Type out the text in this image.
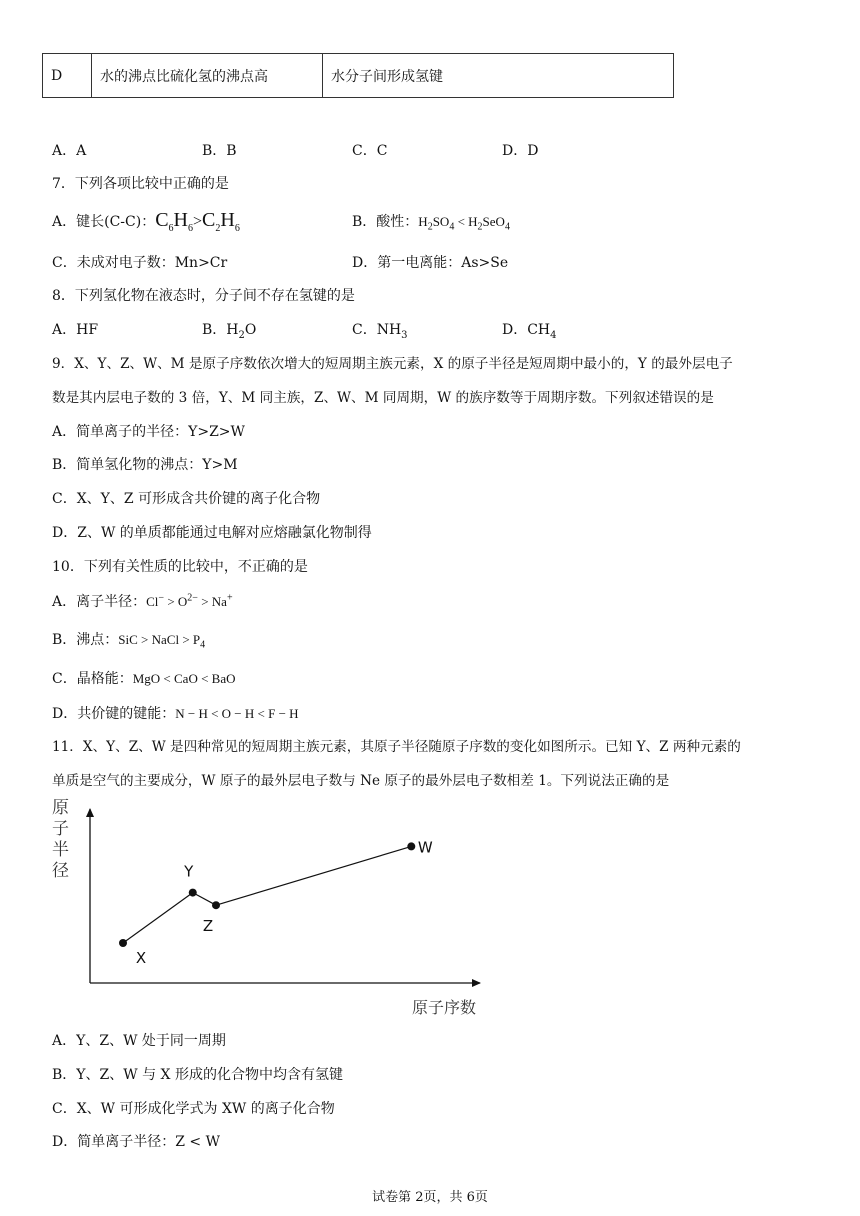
D	水的沸点比硫化氢的沸点高	水分子间形成氢键
A．A	B．B	C．C	D．D
7．下列各项比较中正确的是
A．键长(C-C)：$C_6H_6>C_2H_6$	B．酸性：$H_2SO_4 < H_2SeO_4$
C．未成对电子数：Mn>Cr	D．第一电离能：As>Se
8．下列氢化物在液态时，分子间不存在氢键的是
A．HF	B．$H_2O$	C．$NH_3$	D．$CH_4$
9．X、Y、Z、W、M 是原子序数依次增大的短周期主族元素，X 的原子半径是短周期中最小的，Y 的最外层电子
数是其内层电子数的 3 倍，Y、M 同主族，Z、W、M 同周期，W 的族序数等于周期序数。下列叙述错误的是
A．简单离子的半径：Y>Z>W
B．简单氢化物的沸点：Y>M
C．X、Y、Z 可形成含共价键的离子化合物
D．Z、W 的单质都能通过电解对应熔融氯化物制得
10．下列有关性质的比较中，不正确的是
A．离子半径：$Cl^- > O^{2-} > Na^+$
B．沸点：SiC > NaCl > $P_4$
C．晶格能：MgO < CaO < BaO
D．共价键的键能：N − H < O − H < F − H
11．X、Y、Z、W 是四种常见的短周期主族元素，其原子半径随原子序数的变化如图所示。已知 Y、Z 两种元素的
单质是空气的主要成分，W 原子的最外层电子数与 Ne 原子的最外层电子数相差 1。下列说法正确的是
原子半径
原子序数
X
Y
Z
W
A．Y、Z、W 处于同一周期
B．Y、Z、W 与 X 形成的化合物中均含有氢键
C．X、W 可形成化学式为 XW 的离子化合物
D．简单离子半径：Z < W
试卷第 2页，共 6页
